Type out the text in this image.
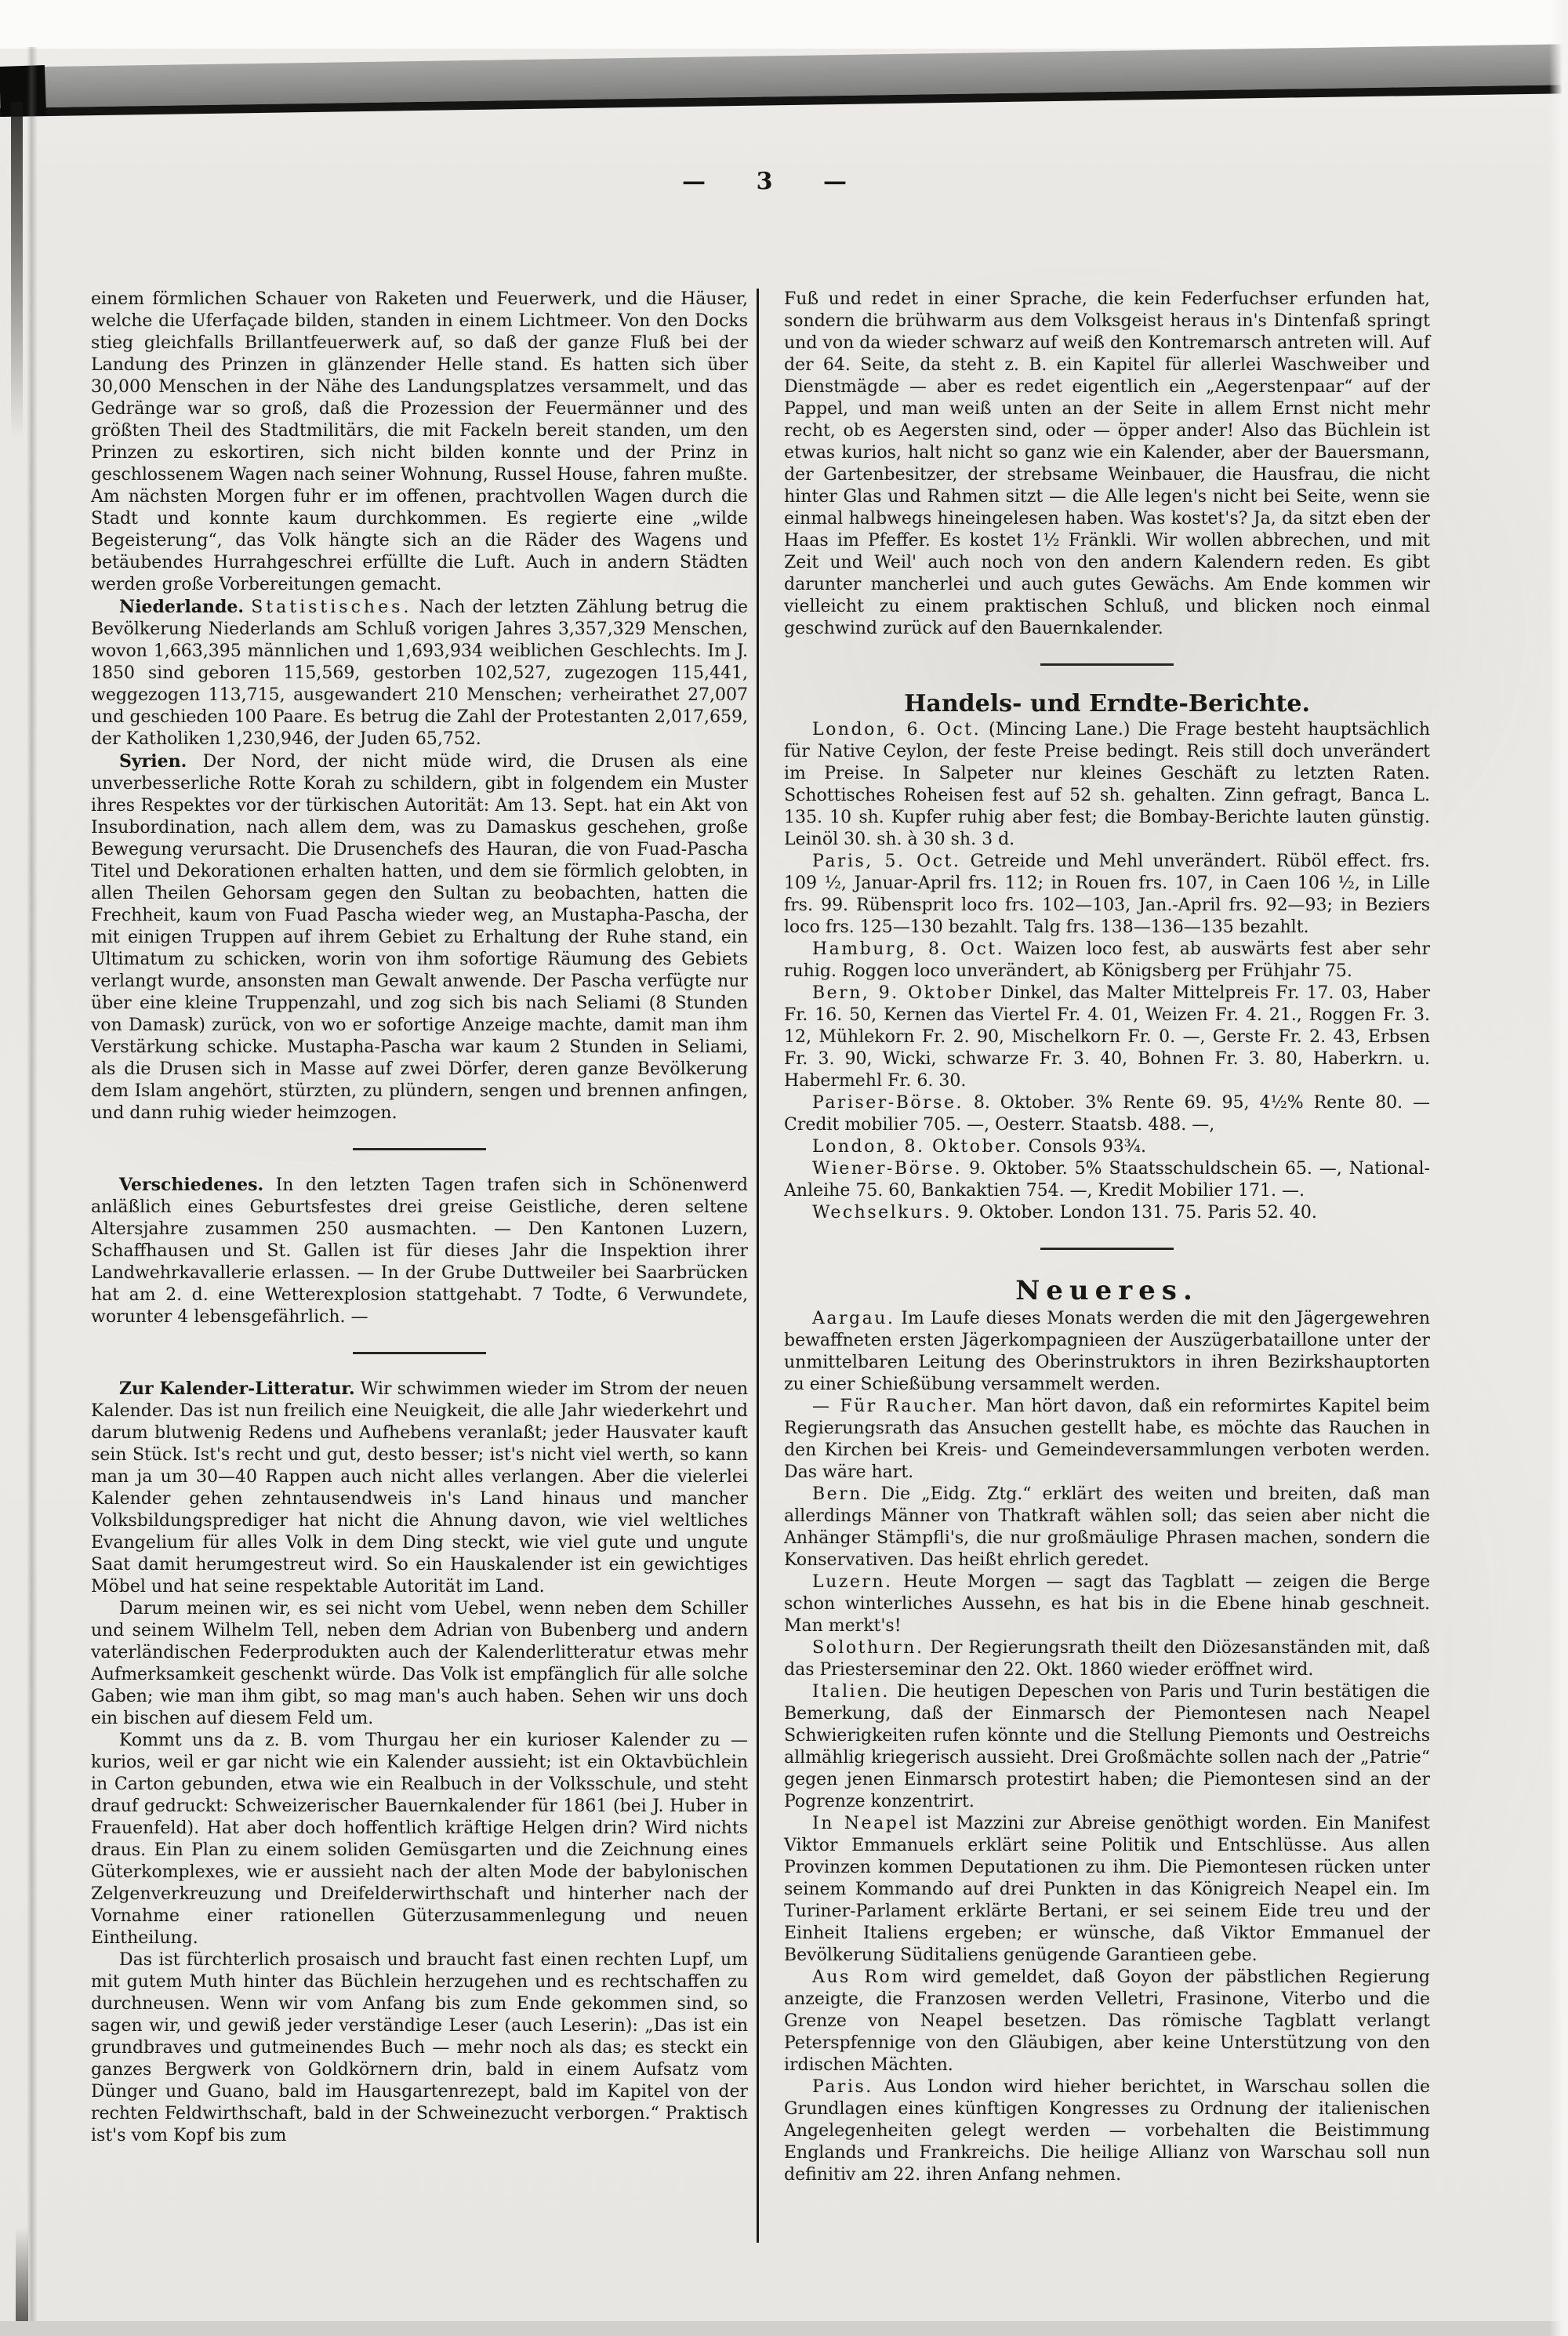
— 3 —

einem förmlichen Schauer von Raketen und Feuerwerk, und die Häuser, welche die Uferfaçade bilden, standen in einem Lichtmeer. Von den Docks stieg gleichfalls Brillantfeuerwerk auf, so daß der ganze Fluß bei der Landung des Prinzen in glänzender Helle stand. Es hatten sich über 30,000 Menschen in der Nähe des Landungsplatzes versammelt, und das Gedränge war so groß, daß die Prozession der Feuermänner und des größten Theil des Stadtmilitärs, die mit Fackeln bereit standen, um den Prinzen zu eskortiren, sich nicht bilden konnte und der Prinz in geschlossenem Wagen nach seiner Wohnung, Russel House, fahren mußte. Am nächsten Morgen fuhr er im offenen, prachtvollen Wagen durch die Stadt und konnte kaum durchkommen. Es regierte eine „wilde Begeisterung“, das Volk hängte sich an die Räder des Wagens und betäubendes Hurrahgeschrei erfüllte die Luft. Auch in andern Städten werden große Vorbereitungen gemacht.

Niederlande. Statistisches. Nach der letzten Zählung betrug die Bevölkerung Niederlands am Schluß vorigen Jahres 3,357,329 Menschen, wovon 1,663,395 männlichen und 1,693,934 weiblichen Geschlechts. Im J. 1850 sind geboren 115,569, gestorben 102,527, zugezogen 115,441, weggezogen 113,715, ausgewandert 210 Menschen; verheirathet 27,007 und geschieden 100 Paare. Es betrug die Zahl der Protestanten 2,017,659, der Katholiken 1,230,946, der Juden 65,752.

Syrien. Der Nord, der nicht müde wird, die Drusen als eine unverbesserliche Rotte Korah zu schildern, gibt in folgendem ein Muster ihres Respektes vor der türkischen Autorität: Am 13. Sept. hat ein Akt von Insubordination, nach allem dem, was zu Damaskus geschehen, große Bewegung verursacht. Die Drusenchefs des Hauran, die von Fuad-Pascha Titel und Dekorationen erhalten hatten, und dem sie förmlich gelobten, in allen Theilen Gehorsam gegen den Sultan zu beobachten, hatten die Frechheit, kaum von Fuad Pascha wieder weg, an Mustapha-Pascha, der mit einigen Truppen auf ihrem Gebiet zu Erhaltung der Ruhe stand, ein Ultimatum zu schicken, worin von ihm sofortige Räumung des Gebiets verlangt wurde, ansonsten man Gewalt anwende. Der Pascha verfügte nur über eine kleine Truppenzahl, und zog sich bis nach Seliami (8 Stunden von Damask) zurück, von wo er sofortige Anzeige machte, damit man ihm Verstärkung schicke. Mustapha-Pascha war kaum 2 Stunden in Seliami, als die Drusen sich in Masse auf zwei Dörfer, deren ganze Bevölkerung dem Islam angehört, stürzten, zu plündern, sengen und brennen anfingen, und dann ruhig wieder heimzogen.

Verschiedenes. In den letzten Tagen trafen sich in Schönenwerd anläßlich eines Geburtsfestes drei greise Geistliche, deren seltene Altersjahre zusammen 250 ausmachten. — Den Kantonen Luzern, Schaffhausen und St. Gallen ist für dieses Jahr die Inspektion ihrer Landwehrkavallerie erlassen. — In der Grube Duttweiler bei Saarbrücken hat am 2. d. eine Wetterexplosion stattgehabt. 7 Todte, 6 Verwundete, worunter 4 lebensgefährlich. —

Zur Kalender-Litteratur. Wir schwimmen wieder im Strom der neuen Kalender. Das ist nun freilich eine Neuigkeit, die alle Jahr wiederkehrt und darum blutwenig Redens und Aufhebens veranlaßt; jeder Hausvater kauft sein Stück. Ist's recht und gut, desto besser; ist's nicht viel werth, so kann man ja um 30—40 Rappen auch nicht alles verlangen. Aber die vielerlei Kalender gehen zehntausendweis in's Land hinaus und mancher Volksbildungsprediger hat nicht die Ahnung davon, wie viel weltliches Evangelium für alles Volk in dem Ding steckt, wie viel gute und ungute Saat damit herumgestreut wird. So ein Hauskalender ist ein gewichtiges Möbel und hat seine respektable Autorität im Land.

Darum meinen wir, es sei nicht vom Uebel, wenn neben dem Schiller und seinem Wilhelm Tell, neben dem Adrian von Bubenberg und andern vaterländischen Federprodukten auch der Kalenderlitteratur etwas mehr Aufmerksamkeit geschenkt würde. Das Volk ist empfänglich für alle solche Gaben; wie man ihm gibt, so mag man's auch haben. Sehen wir uns doch ein bischen auf diesem Feld um.

Kommt uns da z. B. vom Thurgau her ein kurioser Kalender zu — kurios, weil er gar nicht wie ein Kalender aussieht; ist ein Oktavbüchlein in Carton gebunden, etwa wie ein Realbuch in der Volksschule, und steht drauf gedruckt: Schweizerischer Bauernkalender für 1861 (bei J. Huber in Frauenfeld). Hat aber doch hoffentlich kräftige Helgen drin? Wird nichts draus. Ein Plan zu einem soliden Gemüsgarten und die Zeichnung eines Güterkomplexes, wie er aussieht nach der alten Mode der babylonischen Zelgenverkreuzung und Dreifelderwirthschaft und hinterher nach der Vornahme einer rationellen Güterzusammenlegung und neuen Eintheilung.

Das ist fürchterlich prosaisch und braucht fast einen rechten Lupf, um mit gutem Muth hinter das Büchlein herzugehen und es rechtschaffen zu durchneusen. Wenn wir vom Anfang bis zum Ende gekommen sind, so sagen wir, und gewiß jeder verständige Leser (auch Leserin): „Das ist ein grundbraves und gutmeinendes Buch — mehr noch als das; es steckt ein ganzes Bergwerk von Goldkörnern drin, bald in einem Aufsatz vom Dünger und Guano, bald im Hausgartenrezept, bald im Kapitel von der rechten Feldwirthschaft, bald in der Schweinezucht verborgen.“ Praktisch ist's vom Kopf bis zum

Fuß und redet in einer Sprache, die kein Federfuchser erfunden hat, sondern die brühwarm aus dem Volksgeist heraus in's Dintenfaß springt und von da wieder schwarz auf weiß den Kontremarsch antreten will. Auf der 64. Seite, da steht z. B. ein Kapitel für allerlei Waschweiber und Dienstmägde — aber es redet eigentlich ein „Aegerstenpaar“ auf der Pappel, und man weiß unten an der Seite in allem Ernst nicht mehr recht, ob es Aegersten sind, oder — öpper ander! Also das Büchlein ist etwas kurios, halt nicht so ganz wie ein Kalender, aber der Bauersmann, der Gartenbesitzer, der strebsame Weinbauer, die Hausfrau, die nicht hinter Glas und Rahmen sitzt — die Alle legen's nicht bei Seite, wenn sie einmal halbwegs hineingelesen haben. Was kostet's? Ja, da sitzt eben der Haas im Pfeffer. Es kostet 1½ Fränkli. Wir wollen abbrechen, und mit Zeit und Weil' auch noch von den andern Kalendern reden. Es gibt darunter mancherlei und auch gutes Gewächs. Am Ende kommen wir vielleicht zu einem praktischen Schluß, und blicken noch einmal geschwind zurück auf den Bauernkalender.

Handels- und Erndte-Berichte.

London, 6. Oct. (Mincing Lane.) Die Frage besteht hauptsächlich für Native Ceylon, der feste Preise bedingt. Reis still doch unverändert im Preise. In Salpeter nur kleines Geschäft zu letzten Raten. Schottisches Roheisen fest auf 52 sh. gehalten. Zinn gefragt, Banca L. 135. 10 sh. Kupfer ruhig aber fest; die Bombay-Berichte lauten günstig. Leinöl 30. sh. à 30 sh. 3 d.

Paris, 5. Oct. Getreide und Mehl unverändert. Rüböl effect. frs. 109 ½, Januar-April frs. 112; in Rouen frs. 107, in Caen 106 ½, in Lille frs. 99. Rübensprit loco frs. 102—103, Jan.-April frs. 92—93; in Beziers loco frs. 125—130 bezahlt. Talg frs. 138—136—135 bezahlt.

Hamburg, 8. Oct. Waizen loco fest, ab auswärts fest aber sehr ruhig. Roggen loco unverändert, ab Königsberg per Frühjahr 75.

Bern, 9. Oktober Dinkel, das Malter Mittelpreis Fr. 17. 03, Haber Fr. 16. 50, Kernen das Viertel Fr. 4. 01, Weizen Fr. 4. 21., Roggen Fr. 3. 12, Mühlekorn Fr. 2. 90, Mischelkorn Fr. 0. —, Gerste Fr. 2. 43, Erbsen Fr. 3. 90, Wicki, schwarze Fr. 3. 40, Bohnen Fr. 3. 80, Haberkrn. u. Habermehl Fr. 6. 30.

Pariser-Börse. 8. Oktober. 3% Rente 69. 95, 4½% Rente 80. — Credit mobilier 705. —, Oesterr. Staatsb. 488. —,

London, 8. Oktober. Consols 93¾.

Wiener-Börse. 9. Oktober. 5% Staatsschuldschein 65. —, National-Anleihe 75. 60, Bankaktien 754. —, Kredit Mobilier 171. —.

Wechselkurs. 9. Oktober. London 131. 75. Paris 52. 40.

Neueres.

Aargau. Im Laufe dieses Monats werden die mit den Jägergewehren bewaffneten ersten Jägerkompagnieen der Auszügerbataillone unter der unmittelbaren Leitung des Oberinstruktors in ihren Bezirkshauptorten zu einer Schießübung versammelt werden.

— Für Raucher. Man hört davon, daß ein reformirtes Kapitel beim Regierungsrath das Ansuchen gestellt habe, es möchte das Rauchen in den Kirchen bei Kreis- und Gemeindeversammlungen verboten werden. Das wäre hart.

Bern. Die „Eidg. Ztg.“ erklärt des weiten und breiten, daß man allerdings Männer von Thatkraft wählen soll; das seien aber nicht die Anhänger Stämpfli's, die nur großmäulige Phrasen machen, sondern die Konservativen. Das heißt ehrlich geredet.

Luzern. Heute Morgen — sagt das Tagblatt — zeigen die Berge schon winterliches Aussehn, es hat bis in die Ebene hinab geschneit. Man merkt's!

Solothurn. Der Regierungsrath theilt den Diözesanständen mit, daß das Priesterseminar den 22. Okt. 1860 wieder eröffnet wird.

Italien. Die heutigen Depeschen von Paris und Turin bestätigen die Bemerkung, daß der Einmarsch der Piemontesen nach Neapel Schwierigkeiten rufen könnte und die Stellung Piemonts und Oestreichs allmählig kriegerisch aussieht. Drei Großmächte sollen nach der „Patrie“ gegen jenen Einmarsch protestirt haben; die Piemontesen sind an der Pogrenze konzentrirt.

In Neapel ist Mazzini zur Abreise genöthigt worden. Ein Manifest Viktor Emmanuels erklärt seine Politik und Entschlüsse. Aus allen Provinzen kommen Deputationen zu ihm. Die Piemontesen rücken unter seinem Kommando auf drei Punkten in das Königreich Neapel ein. Im Turiner-Parlament erklärte Bertani, er sei seinem Eide treu und der Einheit Italiens ergeben; er wünsche, daß Viktor Emmanuel der Bevölkerung Süditaliens genügende Garantieen gebe.

Aus Rom wird gemeldet, daß Goyon der päbstlichen Regierung anzeigte, die Franzosen werden Velletri, Frasinone, Viterbo und die Grenze von Neapel besetzen. Das römische Tagblatt verlangt Peterspfennige von den Gläubigen, aber keine Unterstützung von den irdischen Mächten.

Paris. Aus London wird hieher berichtet, in Warschau sollen die Grundlagen eines künftigen Kongresses zu Ordnung der italienischen Angelegenheiten gelegt werden — vorbehalten die Beistimmung Englands und Frankreichs. Die heilige Allianz von Warschau soll nun definitiv am 22. ihren Anfang nehmen.
